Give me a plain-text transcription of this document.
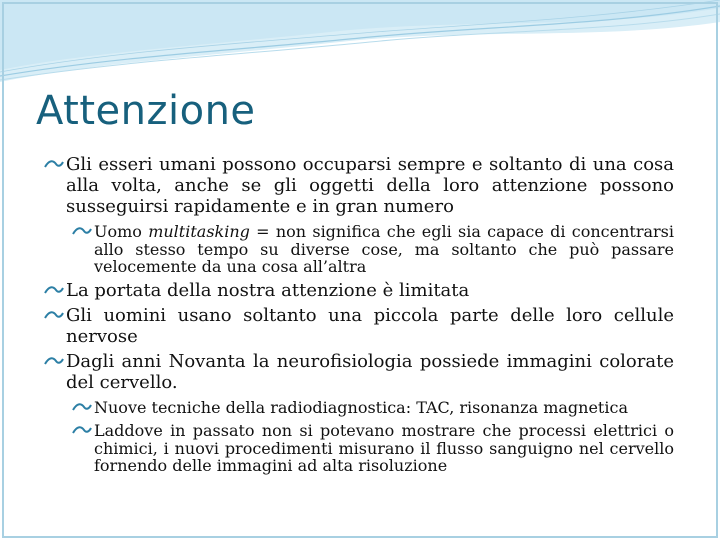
Attenzione
Gli esseri umani possono occuparsi sempre e soltanto di una cosa alla volta, anche se gli oggetti della loro attenzione possono susseguirsi rapidamente e in gran numero
Uomo multitasking = non significa che egli sia capace di concentrarsi allo stesso tempo su diverse cose, ma soltanto che può passare velocemente da una cosa all’altra
La portata della nostra attenzione è limitata
Gli uomini usano soltanto una piccola parte delle loro cellule nervose
Dagli anni Novanta la neurofisiologia possiede immagini colorate del cervello.
Nuove tecniche della radiodiagnostica: TAC, risonanza magnetica
Laddove in passato non si potevano mostrare che processi elettrici o chimici, i nuovi procedimenti misurano il flusso sanguigno nel cervello fornendo delle immagini ad alta risoluzione
